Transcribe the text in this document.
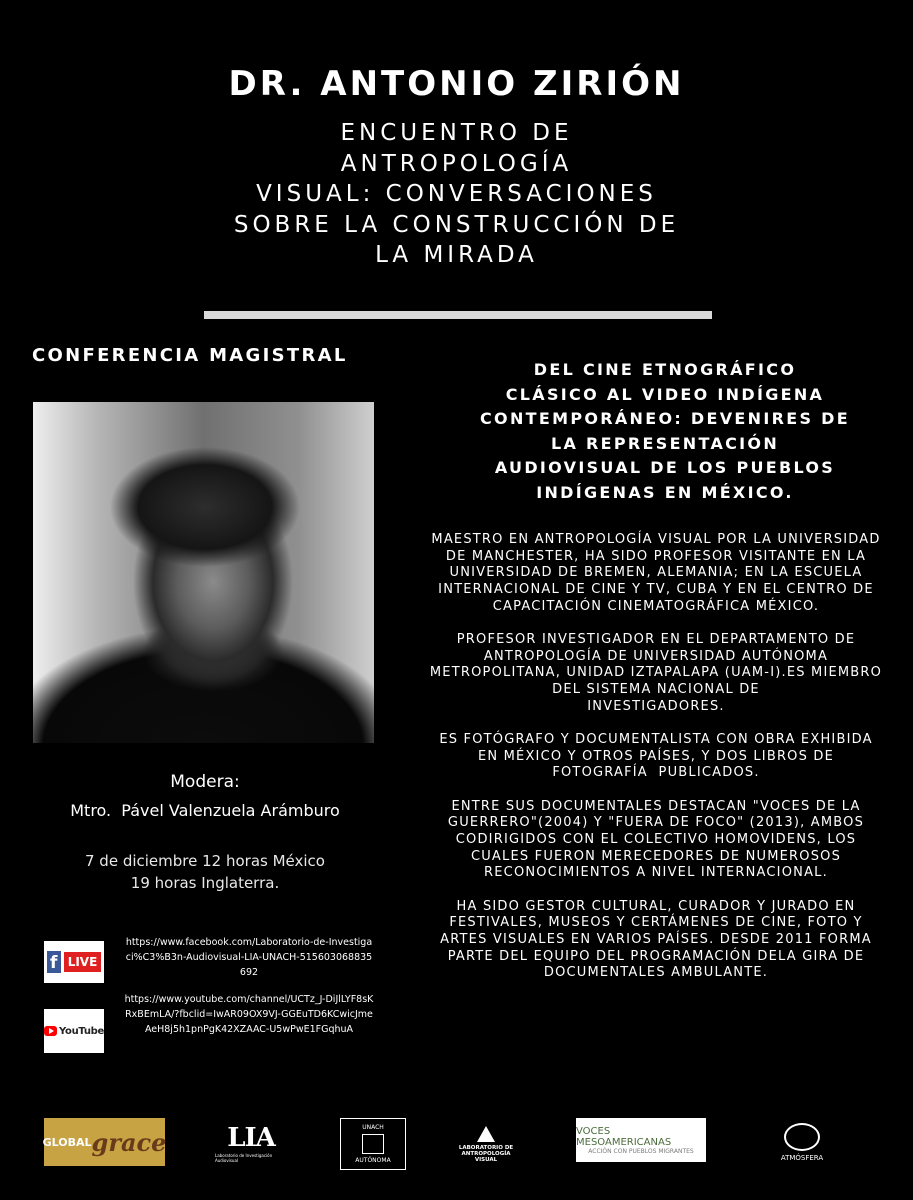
DR. ANTONIO ZIRIÓN
ENCUENTRO DE
ANTROPOLOGÍA
VISUAL: CONVERSACIONES
SOBRE LA CONSTRUCCIÓN DE
LA MIRADA
CONFERENCIA MAGISTRAL
DEL CINE ETNOGRÁFICO
CLÁSICO AL VIDEO INDÍGENA
CONTEMPORÁNEO: DEVENIRES DE
LA REPRESENTACIÓN
AUDIOVISUAL DE LOS PUEBLOS
INDÍGENAS EN MÉXICO.

MAESTRO EN ANTROPOLOGÍA VISUAL POR LA UNIVERSIDAD
DE MANCHESTER, HA SIDO PROFESOR VISITANTE EN LA
UNIVERSIDAD DE BREMEN, ALEMANIA; EN LA ESCUELA
INTERNACIONAL DE CINE Y TV, CUBA Y EN EL CENTRO DE
CAPACITACIÓN CINEMATOGRÁFICA MÉXICO.

PROFESOR INVESTIGADOR EN EL DEPARTAMENTO DE
ANTROPOLOGÍA DE UNIVERSIDAD AUTÓNOMA
METROPOLITANA, UNIDAD IZTAPALAPA (UAM-I).ES MIEMBRO
DEL SISTEMA NACIONAL DE
INVESTIGADORES.

ES FOTÓGRAFO Y DOCUMENTALISTA CON OBRA EXHIBIDA
EN MÉXICO Y OTROS PAÍSES, Y DOS LIBROS DE
FOTOGRAFÍA  PUBLICADOS.

ENTRE SUS DOCUMENTALES DESTACAN "VOCES DE LA
GUERRERO"(2004) Y "FUERA DE FOCO" (2013), AMBOS
CODIRIGIDOS CON EL COLECTIVO HOMOVIDENS, LOS
CUALES FUERON MERECEDORES DE NUMEROSOS
RECONOCIMIENTOS A NIVEL INTERNACIONAL.

HA SIDO GESTOR CULTURAL, CURADOR Y JURADO EN
FESTIVALES, MUSEOS Y CERTÁMENES DE CINE, FOTO Y
ARTES VISUALES EN VARIOS PAÍSES. DESDE 2011 FORMA
PARTE DEL EQUIPO DEL PROGRAMACIÓN DELA GIRA DE
DOCUMENTALES AMBULANTE.

Modera:
Mtro.  Pável Valenzuela Arámburo
7 de diciembre 12 horas México
19 horas Inglaterra.
f LIVE
https://www.facebook.com/Laboratorio-de-Investigaci%C3%B3n-Audiovisual-LIA-UNACH-515603068835692
YouTube
https://www.youtube.com/channel/UCTz_J-DiJlLYF8sKRxBEmLA/?fbclid=IwAR09OX9VJ-GGEuTD6KCwicJmeAeH8j5h1pnPgK42XZAAC-U5wPwE1FGqhuA
GLOBAL grace LIA
Laboratorio de Investigación Audiovisual
UNACH
AUTÓNOMA
LABORATORIO DE ANTROPOLOGÍA VISUAL
VOCES MESOAMERICANAS
ACCIÓN CON PUEBLOS MIGRANTES
ATMÓSFERA
